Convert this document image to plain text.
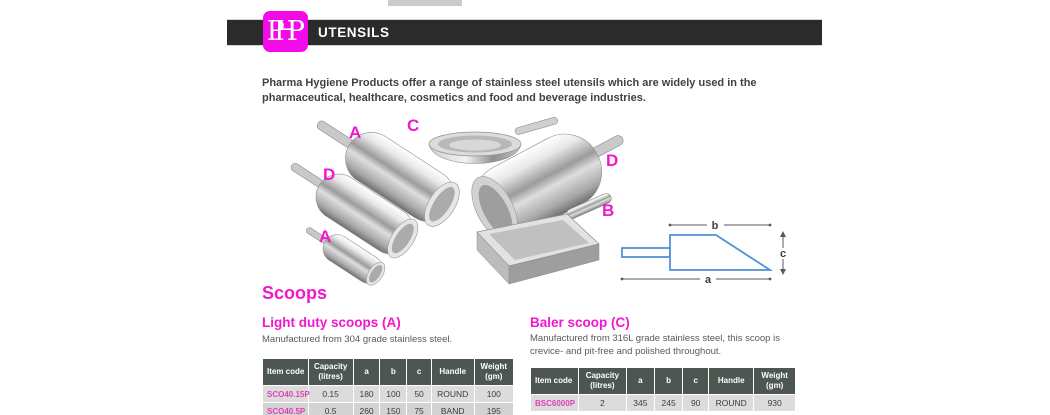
UTENSILS
PHP

Pharma Hygiene Products offer a range of stainless steel utensils which are widely used in the pharmaceutical, healthcare, cosmetics and food and beverage industries.

A	C
D
A
D
B
b
a
c
Scoops
Light duty scoops (A)

Manufactured from 304 grade stainless steel.

Item code	Capacity (litres)	a	b	c	Handle	Weight (gm)
SCO40.15P	0.15	180	100	50	ROUND	100
SCO40.5P	0.5	260	150	75	BAND	195

Baler scoop (C)

Manufactured from 316L grade stainless steel, this scoop is crevice- and pit-free and polished throughout.

Item code	Capacity (litres)	a	b	c	Handle	Weight (gm)
BSC6000P	2	345	245	90	ROUND	930
